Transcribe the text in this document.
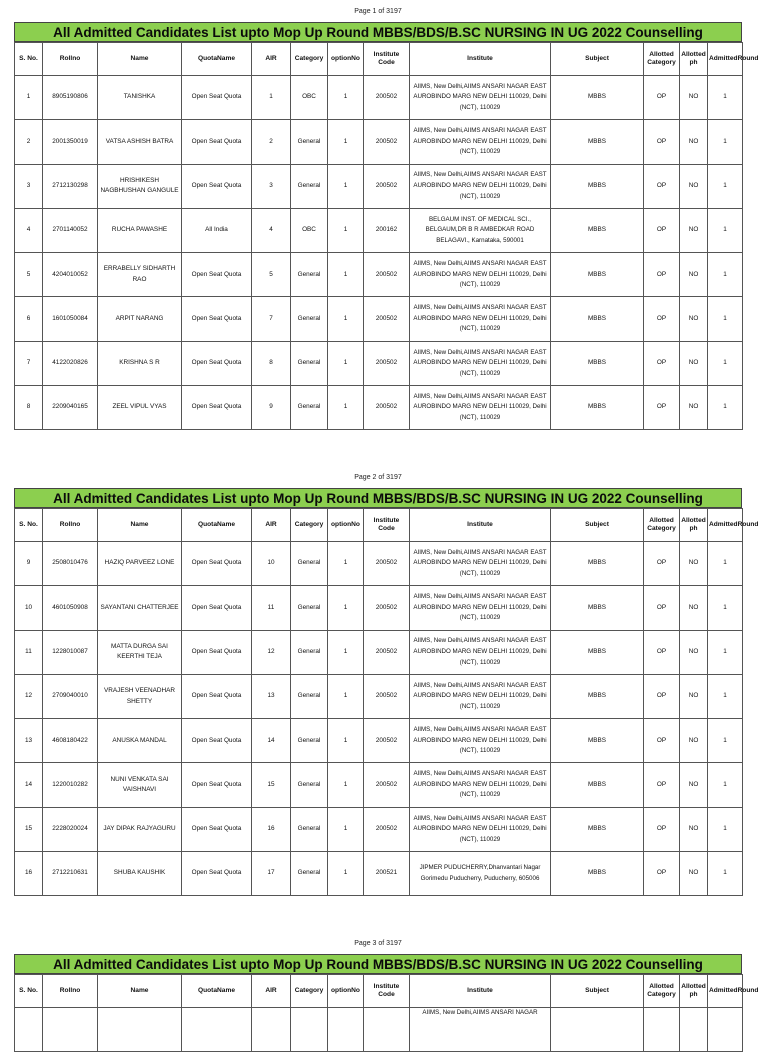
Page 1 of 3197
All Admitted Candidates List upto Mop Up Round MBBS/BDS/B.SC NURSING IN UG 2022 Counselling
S. No.	Rollno	Name	QuotaName	AIR	Category	optionNo	Institute Code	Institute	Subject	Allotted Category	Allotted ph	AdmittedRound
1	8905190806	TANISHKA	Open Seat Quota	1	OBC	1	200502	AIIMS, New Delhi,AIIMS ANSARI NAGAR EAST AUROBINDO MARG NEW DELHI 110029, Delhi (NCT), 110029	MBBS	OP	NO	1
2	2001350019	VATSA ASHISH BATRA	Open Seat Quota	2	General	1	200502	AIIMS, New Delhi,AIIMS ANSARI NAGAR EAST AUROBINDO MARG NEW DELHI 110029, Delhi (NCT), 110029	MBBS	OP	NO	1
3	2712130298	HRISHIKESH NAGBHUSHAN GANGULE	Open Seat Quota	3	General	1	200502	AIIMS, New Delhi,AIIMS ANSARI NAGAR EAST AUROBINDO MARG NEW DELHI 110029, Delhi (NCT), 110029	MBBS	OP	NO	1
4	2701140052	RUCHA PAWASHE	All India	4	OBC	1	200162	BELGAUM INST. OF MEDICAL SCI., BELGAUM,DR B R AMBEDKAR ROAD BELAGAVI., Karnataka, 590001	MBBS	OP	NO	1
5	4204010052	ERRABELLY SIDHARTH RAO	Open Seat Quota	5	General	1	200502	AIIMS, New Delhi,AIIMS ANSARI NAGAR EAST AUROBINDO MARG NEW DELHI 110029, Delhi (NCT), 110029	MBBS	OP	NO	1
6	1601050084	ARPIT NARANG	Open Seat Quota	7	General	1	200502	AIIMS, New Delhi,AIIMS ANSARI NAGAR EAST AUROBINDO MARG NEW DELHI 110029, Delhi (NCT), 110029	MBBS	OP	NO	1
7	4122020826	KRISHNA S R	Open Seat Quota	8	General	1	200502	AIIMS, New Delhi,AIIMS ANSARI NAGAR EAST AUROBINDO MARG NEW DELHI 110029, Delhi (NCT), 110029	MBBS	OP	NO	1
8	2209040165	ZEEL VIPUL VYAS	Open Seat Quota	9	General	1	200502	AIIMS, New Delhi,AIIMS ANSARI NAGAR EAST AUROBINDO MARG NEW DELHI 110029, Delhi (NCT), 110029	MBBS	OP	NO	1
Page 2 of 3197
All Admitted Candidates List upto Mop Up Round MBBS/BDS/B.SC NURSING IN UG 2022 Counselling
S. No.	Rollno	Name	QuotaName	AIR	Category	optionNo	Institute Code	Institute	Subject	Allotted Category	Allotted ph	AdmittedRound
9	2508010476	HAZIQ PARVEEZ LONE	Open Seat Quota	10	General	1	200502	AIIMS, New Delhi,AIIMS ANSARI NAGAR EAST AUROBINDO MARG NEW DELHI 110029, Delhi (NCT), 110029	MBBS	OP	NO	1
10	4601050908	SAYANTANI CHATTERJEE	Open Seat Quota	11	General	1	200502	AIIMS, New Delhi,AIIMS ANSARI NAGAR EAST AUROBINDO MARG NEW DELHI 110029, Delhi (NCT), 110029	MBBS	OP	NO	1
11	1228010087	MATTA DURGA SAI KEERTHI TEJA	Open Seat Quota	12	General	1	200502	AIIMS, New Delhi,AIIMS ANSARI NAGAR EAST AUROBINDO MARG NEW DELHI 110029, Delhi (NCT), 110029	MBBS	OP	NO	1
12	2709040010	VRAJESH VEENADHAR SHETTY	Open Seat Quota	13	General	1	200502	AIIMS, New Delhi,AIIMS ANSARI NAGAR EAST AUROBINDO MARG NEW DELHI 110029, Delhi (NCT), 110029	MBBS	OP	NO	1
13	4608180422	ANUSKA MANDAL	Open Seat Quota	14	General	1	200502	AIIMS, New Delhi,AIIMS ANSARI NAGAR EAST AUROBINDO MARG NEW DELHI 110029, Delhi (NCT), 110029	MBBS	OP	NO	1
14	1220010282	NUNI VENKATA SAI VAISHNAVI	Open Seat Quota	15	General	1	200502	AIIMS, New Delhi,AIIMS ANSARI NAGAR EAST AUROBINDO MARG NEW DELHI 110029, Delhi (NCT), 110029	MBBS	OP	NO	1
15	2228020024	JAY DIPAK RAJYAGURU	Open Seat Quota	16	General	1	200502	AIIMS, New Delhi,AIIMS ANSARI NAGAR EAST AUROBINDO MARG NEW DELHI 110029, Delhi (NCT), 110029	MBBS	OP	NO	1
16	2712210631	SHUBA KAUSHIK	Open Seat Quota	17	General	1	200521	JIPMER PUDUCHERRY,Dhanvantari Nagar Gorimedu Puducherry, Puducherry, 605006	MBBS	OP	NO	1
Page 3 of 3197
All Admitted Candidates List upto Mop Up Round MBBS/BDS/B.SC NURSING IN UG 2022 Counselling
S. No.	Rollno	Name	QuotaName	AIR	Category	optionNo	Institute Code	Institute	Subject	Allotted Category	Allotted ph	AdmittedRound
								AIIMS, New Delhi,AIIMS ANSARI NAGAR				
